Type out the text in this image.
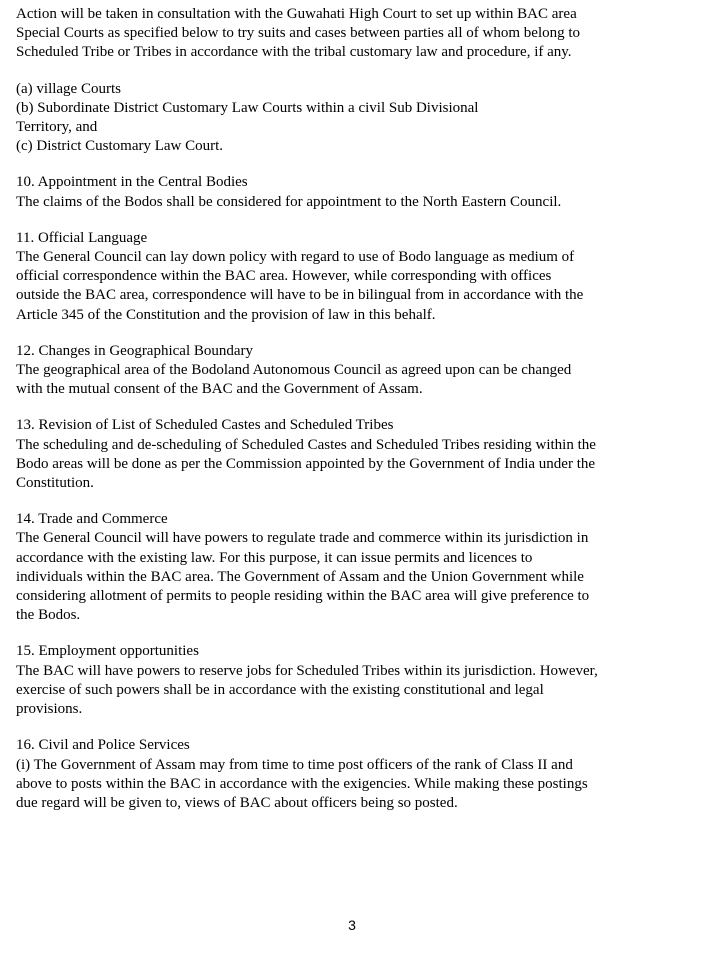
Action will be taken in consultation with the Guwahati High Court to set up within BAC area
Special Courts as specified below to try suits and cases between parties all of whom belong to
Scheduled Tribe or Tribes in accordance with the tribal customary law and procedure, if any.
(a) village Courts
(b) Subordinate District Customary Law Courts within a civil Sub Divisional
Territory, and
(c) District Customary Law Court.
10. Appointment in the Central Bodies
The claims of the Bodos shall be considered for appointment to the North Eastern Council.
11. Official Language
The General Council can lay down policy with regard to use of Bodo language as medium of
official correspondence within the BAC area. However, while corresponding with offices
outside the BAC area, correspondence will have to be in bilingual from in accordance with the
Article 345 of the Constitution and the provision of law in this behalf.
12. Changes in Geographical Boundary
The geographical area of the Bodoland Autonomous Council as agreed upon can be changed
with the mutual consent of the BAC and the Government of Assam.
13. Revision of List of Scheduled Castes and Scheduled Tribes
The scheduling and de-scheduling of Scheduled Castes and Scheduled Tribes residing within the
Bodo areas will be done as per the Commission appointed by the Government of India under the
Constitution.
14. Trade and Commerce
The General Council will have powers to regulate trade and commerce within its jurisdiction in
accordance with the existing law. For this purpose, it can issue permits and licences to
individuals within the BAC area. The Government of Assam and the Union Government while
considering allotment of permits to people residing within the BAC area will give preference to
the Bodos.
15. Employment opportunities
The BAC will have powers to reserve jobs for Scheduled Tribes within its jurisdiction. However,
exercise of such powers shall be in accordance with the existing constitutional and legal
provisions.
16. Civil and Police Services
(i) The Government of Assam may from time to time post officers of the rank of Class II and
above to posts within the BAC in accordance with the exigencies. While making these postings
due regard will be given to, views of BAC about officers being so posted.
3
